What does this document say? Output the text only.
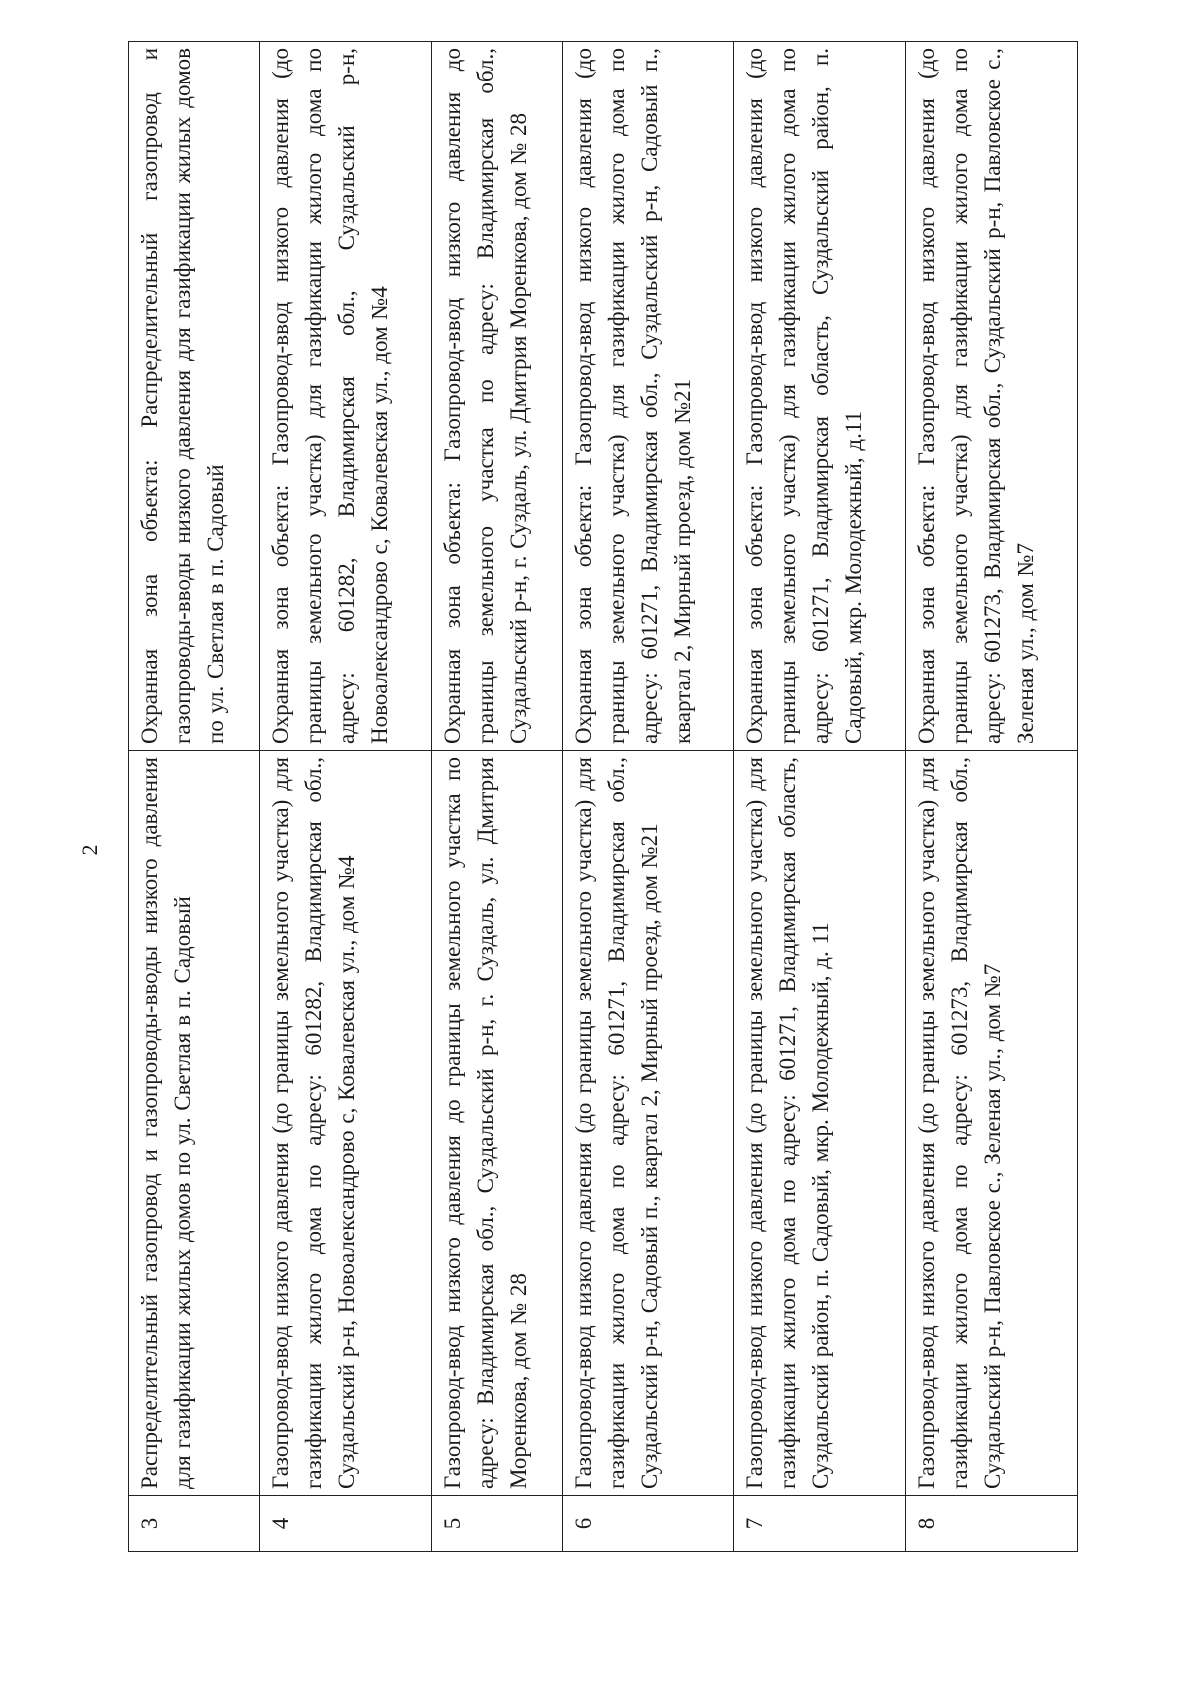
2
3	Распределительный газопровод и газопроводы-вводы низкого давления для газификации жилых домов по ул. Светлая в п. Садовый	Охранная зона объекта: Распределительный газопровод и газопроводы-вводы низкого давления для газификации жилых домов по ул. Светлая в п. Садовый
4	Газопровод-ввод низкого давления (до границы земельного участка) для газификации жилого дома по адресу: 601282, Владимирская обл., Суздальский р-н, Новоалександрово с, Ковалевская ул., дом №4	Охранная зона объекта: Газопровод-ввод низкого давления (до границы земельного участка) для газификации жилого дома по адресу: 601282, Владимирская обл., Суздальский р-н, Новоалександрово с, Ковалевская ул., дом №4
5	Газопровод-ввод низкого давления до границы земельного участка по адресу: Владимирская обл., Суздальский р-н, г. Суздаль, ул. Дмитрия Моренкова, дом № 28	Охранная зона объекта: Газопровод-ввод низкого давления до границы земельного участка по адресу: Владимирская обл., Суздальский р-н, г. Суздаль, ул. Дмитрия Моренкова, дом № 28
6	Газопровод-ввод низкого давления (до границы земельного участка) для газификации жилого дома по адресу: 601271, Владимирская обл., Суздальский р-н, Садовый п., квартал 2, Мирный проезд, дом №21	Охранная зона объекта: Газопровод-ввод низкого давления (до границы земельного участка) для газификации жилого дома по адресу: 601271, Владимирская обл., Суздальский р-н, Садовый п., квартал 2, Мирный проезд, дом №21
7	Газопровод-ввод низкого давления (до границы земельного участка) для газификации жилого дома по адресу: 601271, Владимирская область, Суздальский район, п. Садовый, мкр. Молодежный, д. 11	Охранная зона объекта: Газопровод-ввод низкого давления (до границы земельного участка) для газификации жилого дома по адресу: 601271, Владимирская область, Суздальский район, п. Садовый, мкр. Молодежный, д.11
8	Газопровод-ввод низкого давления (до границы земельного участка) для газификации жилого дома по адресу: 601273, Владимирская обл., Суздальский р-н, Павловское с., Зеленая ул., дом №7	Охранная зона объекта: Газопровод-ввод низкого давления (до границы земельного участка) для газификации жилого дома по адресу: 601273, Владимирская обл., Суздальский р-н, Павловское с., Зеленая ул., дом №7
